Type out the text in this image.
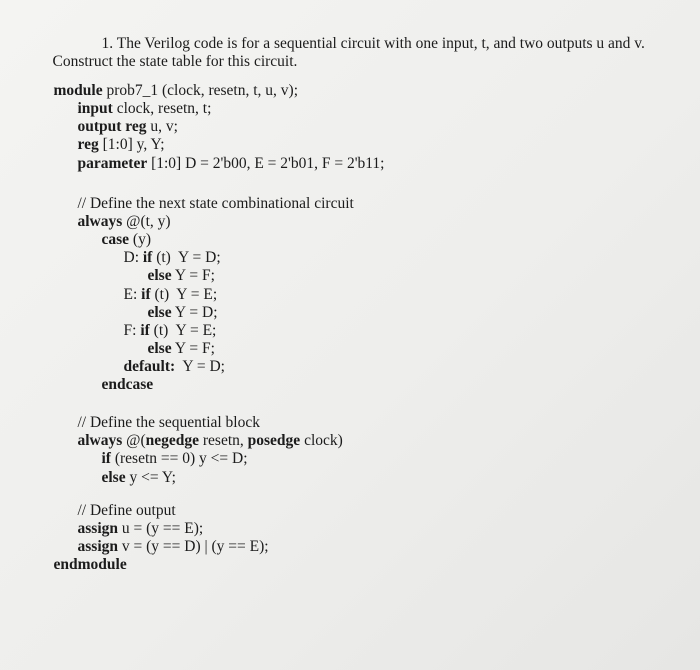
1. The Verilog code is for a sequential circuit with one input, t, and two outputs u and v.

Construct the state table for this circuit.

module prob7_1 (clock, resetn, t, u, v);

input clock, resetn, t;

output reg u, v;

reg [1:0] y, Y;

parameter [1:0] D = 2'b00, E = 2'b01, F = 2'b11;

// Define the next state combinational circuit

always @(t, y)

case (y)

D: if (t)  Y = D;

else Y = F;

E: if (t)  Y = E;

else Y = D;

F: if (t)  Y = E;

else Y = F;

default:  Y = D;

endcase

// Define the sequential block

always @(negedge resetn, posedge clock)

if (resetn == 0) y <= D;

else y <= Y;

// Define output

assign u = (y == E);

assign v = (y == D) | (y == E);

endmodule
